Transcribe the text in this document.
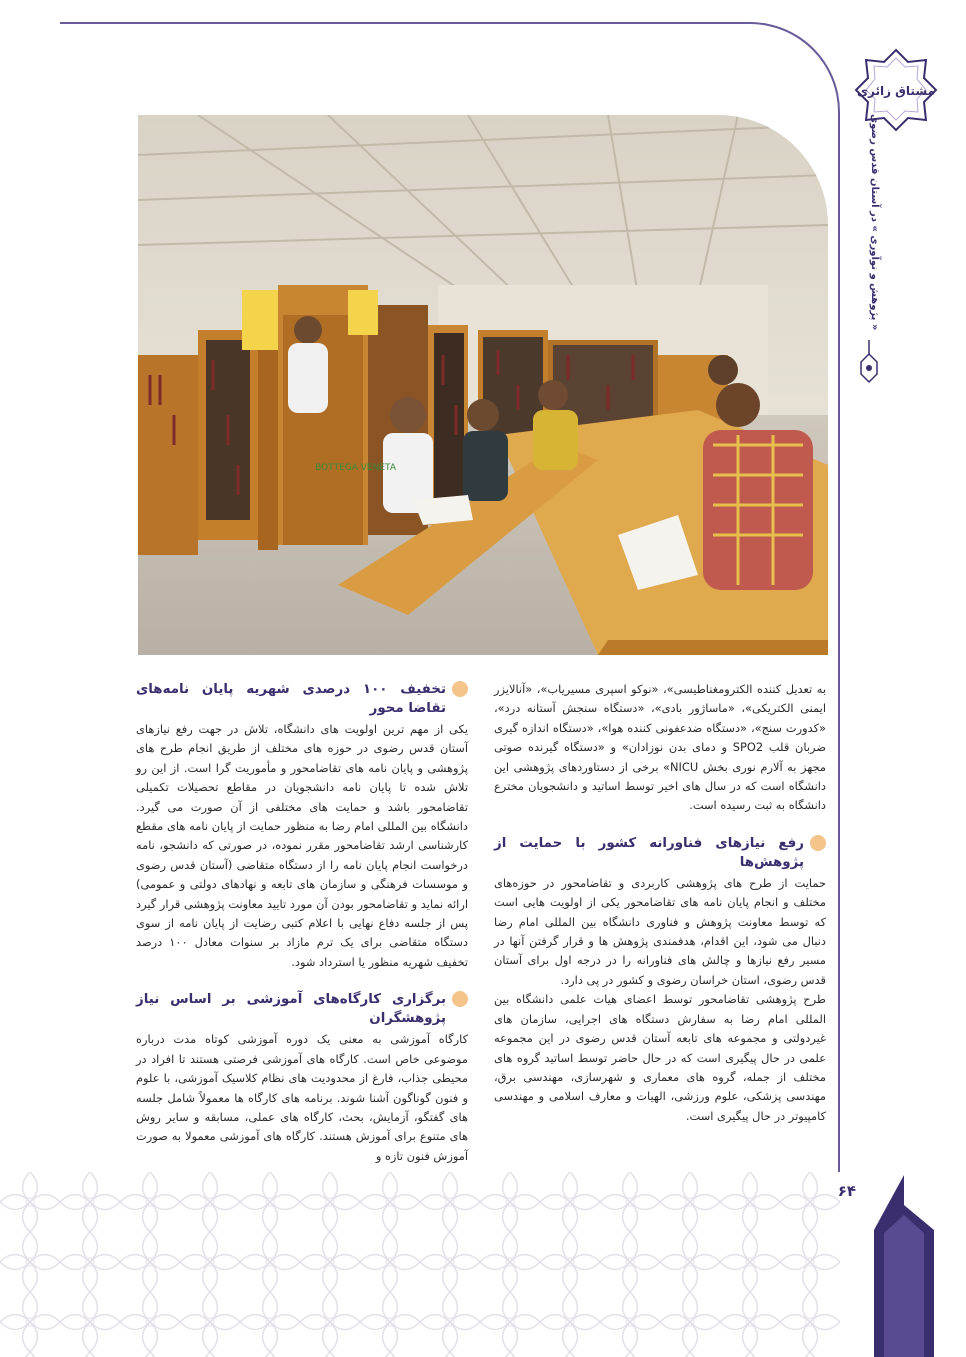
مشتاق زائری
« پژوهش و نوآوری » در آستان قدس رضوی
BOTTEGA VENETA

به تعدیل کننده الکترومغناطیسی»، «نوکو اسپری مسیریاب»، «آنالایزر ایمنی الکتریکی»، «ماساژور بادی»، «دستگاه سنجش آستانه درد»، «کدورت سنج»، «دستگاه ضدعفونی کننده هوا»، «دستگاه اندازه گیری ضربان قلب SPO2 و دمای بدن نوزادان» و «دستگاه گیرنده صوتی مجهز به آلارم نوری بخش NICU» برخی از دستاوردهای پژوهشی این دانشگاه است که در سال های اخیر توسط اساتید و دانشجویان مخترع دانشگاه به ثبت رسیده است.

رفع نیازهای فناورانه کشور با حمایت از پژوهش‌ها

حمایت از طرح های پژوهشی کاربردی و تقاضامحور در حوزه‌های مختلف و انجام پایان نامه های تقاضامحور یکی از اولویت هایی است که توسط معاونت پژوهش و فناوری دانشگاه بین المللی امام رضا دنبال می شود، این اقدام، هدفمندی پژوهش ها و قرار گرفتن آنها در مسیر رفع نیازها و چالش های فناورانه را در درجه اول برای آستان قدس رضوی، استان خراسان رضوی و کشور در پی دارد.

طرح پژوهشی تقاضامحور توسط اعضای هیات علمی دانشگاه بین المللی امام رضا به سفارش دستگاه های اجرایی، سازمان های غیردولتی و مجموعه های تابعه آستان قدس رضوی در این مجموعه علمی در حال پیگیری است که در حال حاضر توسط اساتید گروه های مختلف از جمله، گروه های معماری و شهرسازی، مهندسی برق، مهندسی پزشکی، علوم ورزشی، الهیات و معارف اسلامی و مهندسی کامپیوتر در حال پیگیری است.

تخفیف ۱۰۰ درصدی شهریه پایان نامه‌های تقاضا محور

یکی از مهم ترین اولویت های دانشگاه، تلاش در جهت رفع نیازهای آستان قدس رضوی در حوزه های مختلف از طریق انجام طرح های پژوهشی و پایان نامه های تقاضامحور و مأموریت گرا است. از این رو تلاش شده تا پایان نامه دانشجویان در مقاطع تحصیلات تکمیلی تقاضامحور باشد و حمایت های مختلفی از آن صورت می گیرد. دانشگاه بین المللی امام رضا به منظور حمایت از پایان نامه های مقطع کارشناسی ارشد تقاضامحور مقرر نموده، در صورتی که دانشجو، نامه درخواست انجام پایان نامه را از دستگاه متقاضی (آستان قدس رضوی و موسسات فرهنگی و سازمان های تابعه و نهادهای دولتی و عمومی) ارائه نماید و تقاضامحور بودن آن مورد تایید معاونت پژوهشی قرار گیرد پس از جلسه دفاع نهایی با اعلام کتبی رضایت از پایان نامه از سوی دستگاه متقاضی برای یک ترم مازاد بر سنوات معادل ۱۰۰ درصد تخفیف شهریه منظور یا استرداد شود.

برگزاری کارگاه‌های آموزشی بر اساس نیاز پژوهشگران

کارگاه آموزشی به معنی یک دوره آموزشی کوتاه مدت درباره موضوعی خاص است. کارگاه های آموزشی فرصتی هستند تا افراد در محیطی جذاب، فارغ از محدودیت های نظام کلاسیک آموزشی، با علوم و فنون گوناگون آشنا شوند. برنامه های کارگاه ها معمولاً شامل جلسه های گفتگو، آزمایش، بحث، کارگاه های عملی، مسابقه و سایر روش های متنوع برای آموزش هستند. کارگاه های آموزشی معمولا به صورت آموزش فنون تازه و

۶۴
